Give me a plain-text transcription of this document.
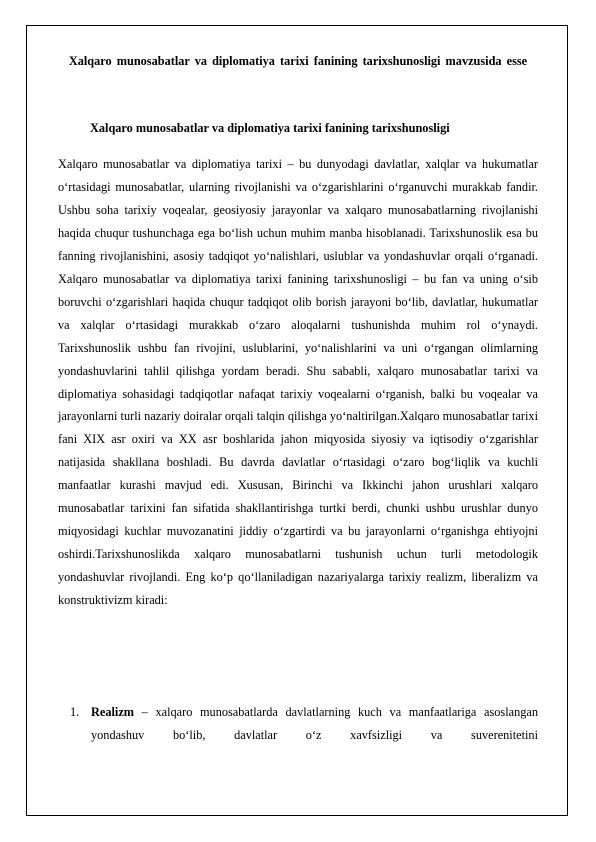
Xalqaro munosabatlar va diplomatiya tarixi fanining tarixshunosligi mavzusida esse
Xalqaro munosabatlar va diplomatiya tarixi fanining tarixshunosligi

Xalqaro munosabatlar va diplomatiya tarixi – bu dunyodagi davlatlar, xalqlar va hukumatlar o‘rtasidagi munosabatlar, ularning rivojlanishi va o‘zgarishlarini o‘rganuvchi murakkab fandir. Ushbu soha tarixiy voqealar, geosiyosiy jarayonlar va xalqaro munosabatlarning rivojlanishi haqida chuqur tushunchaga ega bo‘lish uchun muhim manba hisoblanadi. Tarixshunoslik esa bu fanning rivojlanishini, asosiy tadqiqot yo‘nalishlari, uslublar va yondashuvlar orqali o‘rganadi. Xalqaro munosabatlar va diplomatiya tarixi fanining tarixshunosligi – bu fan va uning o‘sib boruvchi o‘zgarishlari haqida chuqur tadqiqot olib borish jarayoni bo‘lib, davlatlar, hukumatlar va xalqlar o‘rtasidagi murakkab o‘zaro aloqalarni tushunishda muhim rol o‘ynaydi. Tarixshunoslik ushbu fan rivojini, uslublarini, yo‘nalishlarini va uni o‘rgangan olimlarning yondashuvlarini tahlil qilishga yordam beradi. Shu sababli, xalqaro munosabatlar tarixi va diplomatiya sohasidagi tadqiqotlar nafaqat tarixiy voqealarni o‘rganish, balki bu voqealar va jarayonlarni turli nazariy doiralar orqali talqin qilishga yo‘naltirilgan.Xalqaro munosabatlar tarixi fani XIX asr oxiri va XX asr boshlarida jahon miqyosida siyosiy va iqtisodiy o‘zgarishlar natijasida shakllana boshladi. Bu davrda davlatlar o‘rtasidagi o‘zaro bog‘liqlik va kuchli manfaatlar kurashi mavjud edi. Xususan, Birinchi va Ikkinchi jahon urushlari xalqaro munosabatlar tarixini fan sifatida shakllantirishga turtki berdi, chunki ushbu urushlar dunyo miqyosidagi kuchlar muvozanatini jiddiy o‘zgartirdi va bu jarayonlarni o‘rganishga ehtiyojni oshirdi.Tarixshunoslikda xalqaro munosabatlarni tushunish uchun turli metodologik yondashuvlar rivojlandi. Eng ko‘p qo‘llaniladigan nazariyalarga tarixiy realizm, liberalizm va konstruktivizm kiradi:

1. Realizm – xalqaro munosabatlarda davlatlarning kuch va manfaatlariga asoslangan yondashuv bo‘lib, davlatlar o‘z xavfsizligi va suverenitetini
